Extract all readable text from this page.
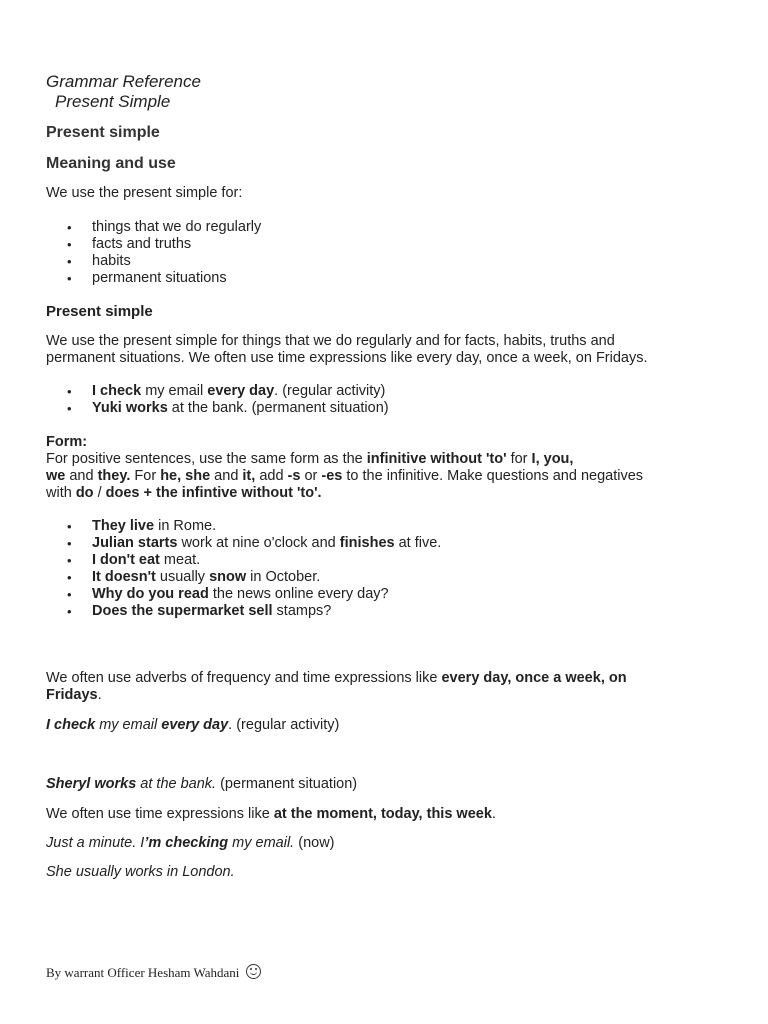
Grammar Reference
Present Simple
Present simple
Meaning and use
We use the present simple for:
• things that we do regularly
• facts and truths
• habits
• permanent situations
Present simple
We use the present simple for things that we do regularly and for facts, habits, truths and
permanent situations. We often use time expressions like every day, once a week, on Fridays.
• I check my email every day. (regular activity)
• Yuki works at the bank. (permanent situation)
Form:
For positive sentences, use the same form as the infinitive without 'to' for I, you,
we and they. For he, she and it, add -s or -es to the infinitive. Make questions and negatives
with do / does + the infintive without 'to'.
• They live in Rome.
• Julian starts work at nine o'clock and finishes at five.
• I don't eat meat.
• It doesn't usually snow in October.
• Why do you read the news online every day?
• Does the supermarket sell stamps?
We often use adverbs of frequency and time expressions like every day, once a week, on
Fridays.
I check my email every day. (regular activity)
Sheryl works at the bank. (permanent situation)
We often use time expressions like at the moment, today, this week.
Just a minute. I’m checking my email. (now)
She usually works in London.
By warrant Officer Hesham Wahdani
